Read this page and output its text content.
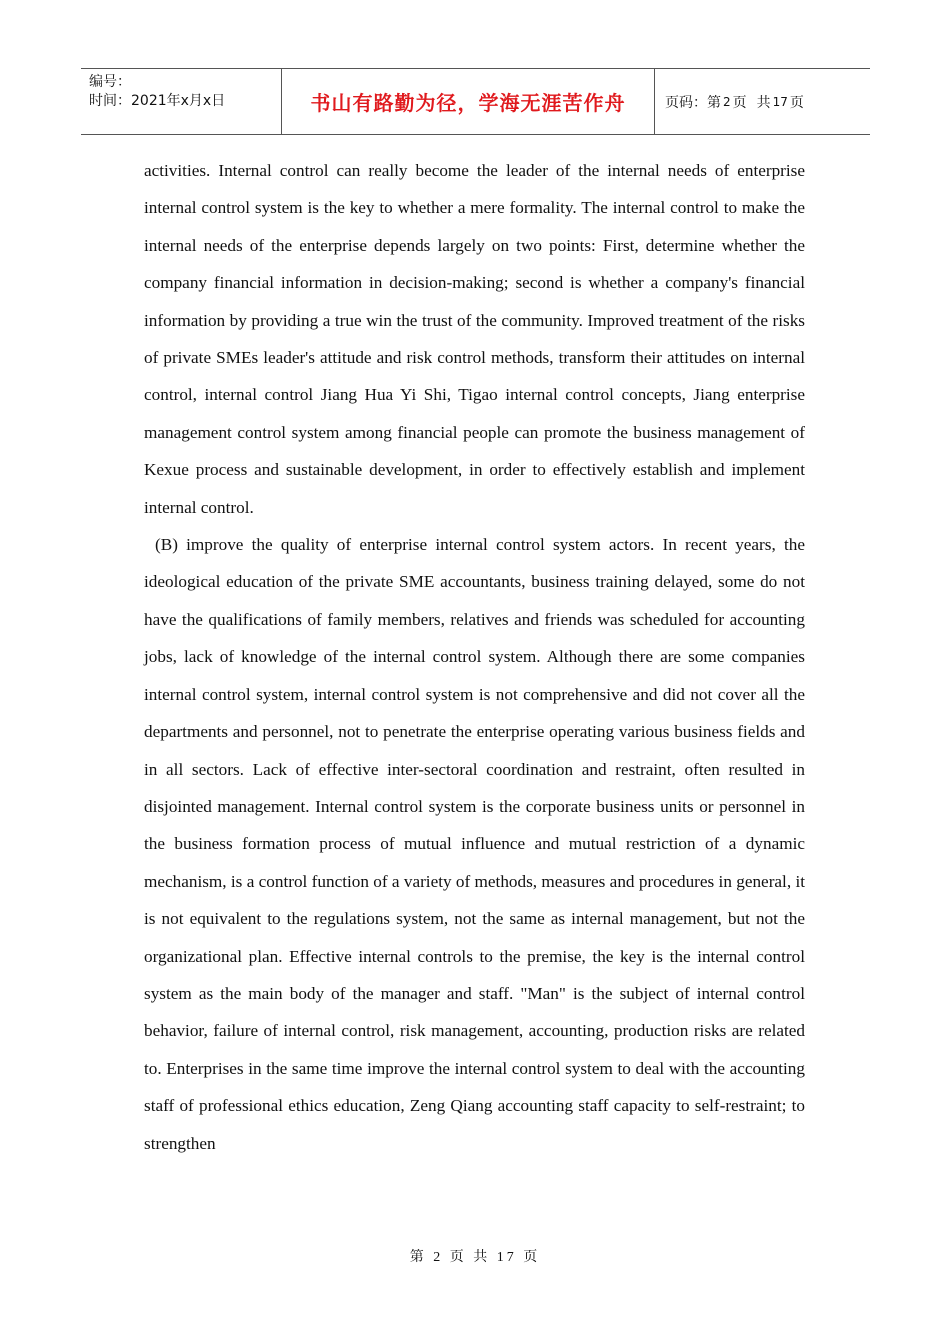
编号：
时间：2021年x月x日	书山有路勤为径，学海无涯苦作舟	页码：第 2 页 共 17 页

activities. Internal control can really become the leader of the internal needs of enterprise internal control system is the key to whether a mere formality. The internal control to make the internal needs of the enterprise depends largely on two points: First, determine whether the company financial information in decision-making; second is whether a company's financial information by providing a true win the trust of the community. Improved treatment of the risks of private SMEs leader's attitude and risk control methods, transform their attitudes on internal control, internal control Jiang Hua Yi Shi, Tigao internal control concepts, Jiang enterprise management control system among financial people can promote the business management of Kexue process and sustainable development, in order to effectively establish and implement internal control.

(B) improve the quality of enterprise internal control system actors. In recent years, the ideological education of the private SME accountants, business training delayed, some do not have the qualifications of family members, relatives and friends was scheduled for accounting jobs, lack of knowledge of the internal control system. Although there are some companies internal control system, internal control system is not comprehensive and did not cover all the departments and personnel, not to penetrate the enterprise operating various business fields and in all sectors. Lack of effective inter-sectoral coordination and restraint, often resulted in disjointed management. Internal control system is the corporate business units or personnel in the business formation process of mutual influence and mutual restriction of a dynamic mechanism, is a control function of a variety of methods, measures and procedures in general, it is not equivalent to the regulations system, not the same as internal management, but not the organizational plan. Effective internal controls to the premise, the key is the internal control system as the main body of the manager and staff. "Man" is the subject of internal control behavior, failure of internal control, risk management, accounting, production risks are related to. Enterprises in the same time improve the internal control system to deal with the accounting staff of professional ethics education, Zeng Qiang accounting staff capacity to self-restraint; to strengthen

第 2 页 共 17 页
